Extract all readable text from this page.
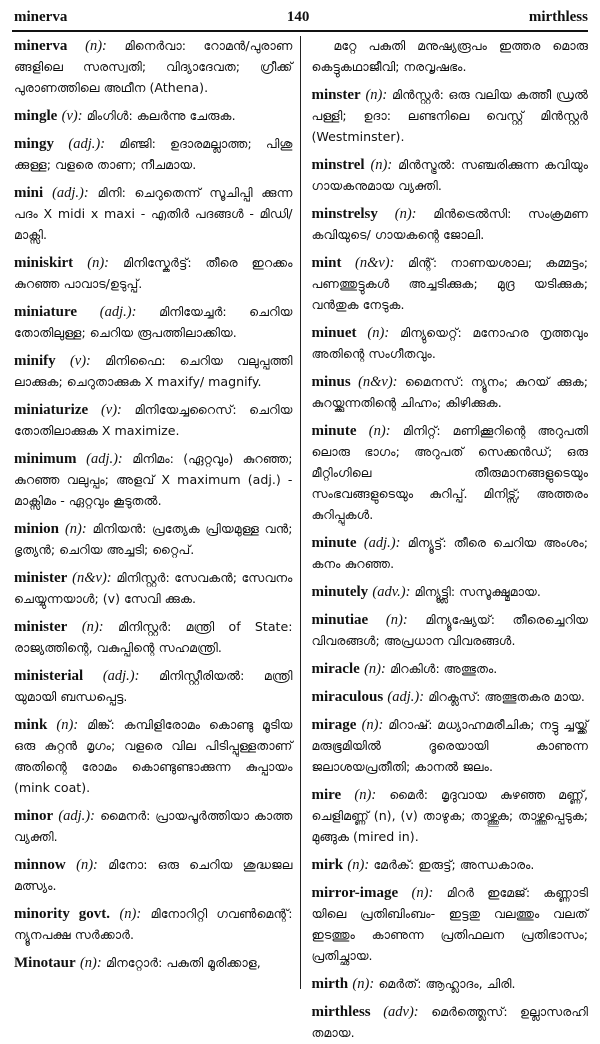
minerva	140	mirthless
minerva (n): മിനെർവാ: റോമൻ/പുരാണ ങ്ങളിലെ സരസ്വതി; വിദ്യാദേവത; ഗ്രീക്ക് പുരാണത്തിലെ അഥീന (Athena).
mingle (v): മിംഗിൾ: കലർന്നു ചേരുക.
mingy (adj.): മിഞ്ജി: ഉദാരമല്ലാത്ത; പിശു ക്കുള്ള; വളരെ താണ; നീചമായ.
mini (adj.): മിനി: ചെറുതെന്ന് സൂചിപ്പി ക്കുന്ന പദം X midi x maxi - എതിർ പദങ്ങൾ - മിഡി/മാക്സി.
miniskirt (n): മിനിസ്കേർട്ട്: തീരെ ഇറക്കം കുറഞ്ഞ പാവാട/ഉടുപ്പ്.
miniature (adj.): മിനിയേച്ചർ: ചെറിയ തോതിലുള്ള; ചെറിയ രൂപത്തിലാക്കിയ.
minify (v): മിനിഫൈ: ചെറിയ വലുപ്പത്തി ലാക്കുക; ചെറുതാക്കുക X maxify/ magnify.
miniaturize (v): മിനിയേച്ചറൈസ്: ചെറിയ തോതിലാക്കുക X maximize.
minimum (adj.): മിനിമം: (ഏറ്റവും) കുറഞ്ഞ; കുറഞ്ഞ വലുപ്പം; അളവ് X maximum (adj.) - മാക്സിമം - ഏറ്റവും കൂടുതൽ.
minion (n): മിനിയൻ: പ്രത്യേക പ്രിയമുള്ള വൻ; ഭൃത്യൻ; ചെറിയ അച്ചടി; റ്റൈപ്.
minister (n&v): മിനിസ്റ്റർ: സേവകൻ; സേവനം ചെയ്യുന്നയാൾ; (v) സേവി ക്കുക.
minister (n): മിനിസ്റ്റർ: മന്ത്രി of State: രാജ്യത്തിന്റെ, വകുപ്പിന്റെ സഹമന്ത്രി.
ministerial (adj.): മിനിസ്റ്റീരിയൽ: മന്ത്രി യുമായി ബന്ധപ്പെട്ട.
mink (n): മിങ്ക്: കമ്പിളിരോമം കൊണ്ടു മൂടിയ ഒരു കുറ്റൻ മൃഗം; വളരെ വില പിടിപ്പുള്ളതാണ് അതിന്റെ രോമം കൊണ്ടുണ്ടാക്കുന്ന കുപ്പായം (mink coat).
minor (adj.): മൈനർ: പ്രായപൂർത്തിയാ കാത്ത വ്യക്തി.
minnow (n): മിനോ: ഒരു ചെറിയ ശുദ്ധജല മത്സ്യം.
minority govt. (n): മിനോറിറ്റി ഗവൺമെന്റ്: ന്യൂനപക്ഷ സർക്കാർ.
Minotaur (n): മിനറ്റോർ: പകുതി മൂരിക്കാള,
മറ്റേ പകുതി മനുഷ്യരൂപം ഇത്തര മൊരു കെട്ടുകഥാജീവി; നരവൃഷഭം.
minster (n): മിൻസ്റ്റർ: ഒരു വലിയ കത്തീ ഡ്രൽ പള്ളി; ഉദാ: ലണ്ടനിലെ വെസ്റ്റ് മിൻസ്റ്റർ (Westminster).
minstrel (n): മിൻസ്ട്രൽ: സഞ്ചരിക്കുന്ന കവിയും ഗായകനുമായ വ്യക്തി.
minstrelsy (n): മിൻട്രെൽസി: സംക്രമണ കവിയുടെ/ ഗായകന്റെ ജോലി.
mint (n&v): മിന്റ്: നാണയശാല; കമ്മട്ടം; പണത്തുട്ടുകൾ അച്ചടിക്കുക; മുദ്ര യടിക്കുക; വൻതുക നേടുക.
minuet (n): മിന്യുയെറ്റ്: മനോഹര നൃത്തവും അതിന്റെ സംഗീതവും.
minus (n&v): മൈനസ്: ന്യൂനം; കുറയ് ക്കുക; കുറയ്ക്കുന്നതിന്റെ ചിഹ്നം; കിഴിക്കുക.
minute (n): മിനിറ്റ്: മണിക്കൂറിന്റെ അറുപതി ലൊരു ഭാഗം; അറുപത് സെക്കൻഡ്; ഒരു മീറ്റിംഗിലെ തീരുമാനങ്ങളുടെയും സംഭവങ്ങളുടെയും കുറിപ്പ്. മിനിട്സ്; അത്തരം കുറിപ്പുകൾ.
minute (adj.): മിന്യൂട്ട്: തീരെ ചെറിയ അംശം; കനം കുറഞ്ഞ.
minutely (adv.): മിന്യൂട്ട്ലി: സസൂക്ഷ്മമായ.
minutiae (n): മിന്യൂഷ്യേയ്: തീരെച്ചെറിയ വിവരങ്ങൾ; അപ്രധാന വിവരങ്ങൾ.
miracle (n): മിറകിൾ: അത്ഭുതം.
miraculous (adj.): മിറക്ലസ്: അത്ഭുതകര മായ.
mirage (n): മിറാഷ്: മധ്യാഹ്നമരീചിക; നട്ടു ച്ചയ്ക്ക് മരുഭൂമിയിൽ ദൂരെയായി കാണുന്ന ജലാശയപ്രതീതി; കാനൽ ജലം.
mire (n): മൈർ: മൃദുവായ കുഴഞ്ഞ മണ്ണ്, ചെളിമണ്ണ് (n), (v) താഴുക; താഴ്ത്തുക; താഴ്ത്തപ്പെടുക; മുങ്ങുക (mired in).
mirk (n): മേർക്: ഇരുട്ട്; അന്ധകാരം.
mirror-image (n): മിറർ ഇമേജ്: കണ്ണാടി യിലെ പ്രതിബിംബം- ഇട്ടതു വലത്തും വലത് ഇടത്തും കാണുന്ന പ്രതിഫലന പ്രതിഭാസം; പ്രതിച്ഛായ.
mirth (n): മെർത്: ആഹ്ലാദം, ചിരി.
mirthless (adv): മെർത്ത്ലെസ്: ഉല്ലാസരഹി തമായ.
